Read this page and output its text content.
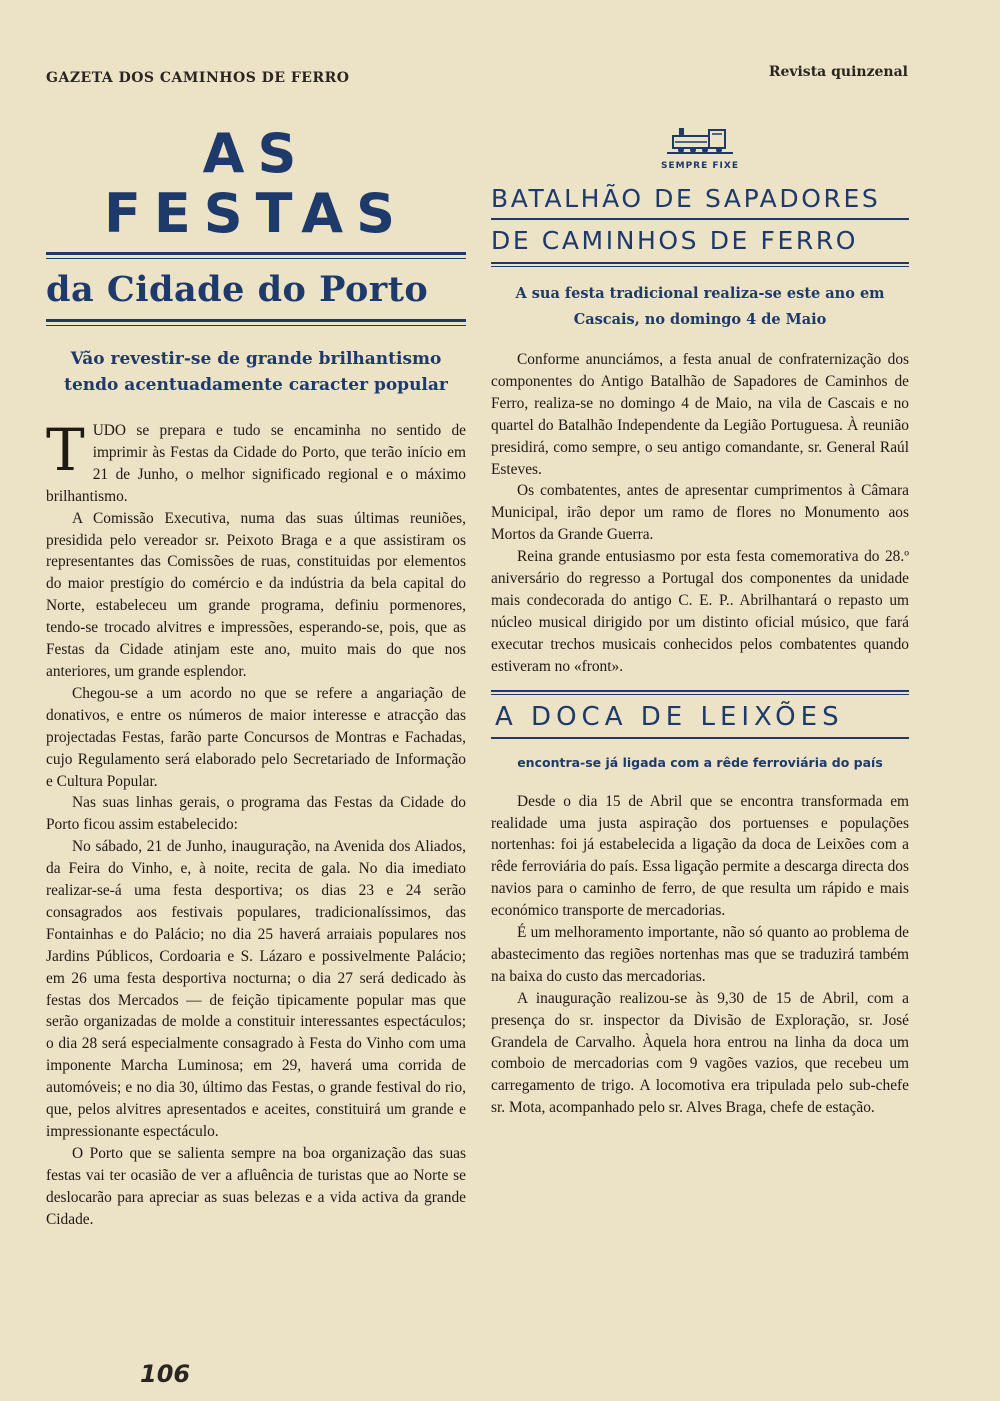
GAZETA DOS CAMINHOS DE FERRO	Revista quinzenal
AS FESTAS
da Cidade do Porto
Vão revestir-se de grande brilhantismo tendo acentuadamente caracter popular

TUDO se prepara e tudo se encaminha no sentido de imprimir às Festas da Cidade do Porto, que terão início em 21 de Junho, o melhor significado regional e o máximo brilhantismo.

A Comissão Executiva, numa das suas últimas reuniões, presidida pelo vereador sr. Peixoto Braga e a que assistiram os representantes das Comissões de ruas, constituidas por elementos do maior prestígio do comércio e da indústria da bela capital do Norte, estabeleceu um grande programa, definiu pormenores, tendo-se trocado alvitres e impressões, esperando-se, pois, que as Festas da Cidade atinjam este ano, muito mais do que nos anteriores, um grande esplendor.

Chegou-se a um acordo no que se refere a angariação de donativos, e entre os números de maior interesse e atracção das projectadas Festas, farão parte Concursos de Montras e Fachadas, cujo Regulamento será elaborado pelo Secretariado de Informação e Cultura Popular.

Nas suas linhas gerais, o programa das Festas da Cidade do Porto ficou assim estabelecido:

No sábado, 21 de Junho, inauguração, na Avenida dos Aliados, da Feira do Vinho, e, à noite, recita de gala. No dia imediato realizar-se-á uma festa desportiva; os dias 23 e 24 serão consagrados aos festivais populares, tradicionalíssimos, das Fontainhas e do Palácio; no dia 25 haverá arraiais populares nos Jardins Públicos, Cordoaria e S. Lázaro e possivelmente Palácio; em 26 uma festa desportiva nocturna; o dia 27 será dedicado às festas dos Mercados — de feição tipicamente popular mas que serão organizadas de molde a constituir interessantes espectáculos; o dia 28 será especialmente consagrado à Festa do Vinho com uma imponente Marcha Luminosa; em 29, haverá uma corrida de automóveis; e no dia 30, último das Festas, o grande festival do rio, que, pelos alvitres apresentados e aceites, constituirá um grande e impressionante espectáculo.

O Porto que se salienta sempre na boa organização das suas festas vai ter ocasião de ver a afluência de turistas que ao Norte se deslocarão para apreciar as suas belezas e a vida activa da grande Cidade.

106
SEMPRE FIXE
BATALHÃO DE SAPADORES
DE CAMINHOS DE FERRO
A sua festa tradicional realiza-se este ano em Cascais, no domingo 4 de Maio

Conforme anunciámos, a festa anual de confraternização dos componentes do Antigo Batalhão de Sapadores de Caminhos de Ferro, realiza-se no domingo 4 de Maio, na vila de Cascais e no quartel do Batalhão Independente da Legião Portuguesa. À reunião presidirá, como sempre, o seu antigo comandante, sr. General Raúl Esteves.

Os combatentes, antes de apresentar cumprimentos à Câmara Municipal, irão depor um ramo de flores no Monumento aos Mortos da Grande Guerra.

Reina grande entusiasmo por esta festa comemorativa do 28.º aniversário do regresso a Portugal dos componentes da unidade mais condecorada do antigo C. E. P.. Abrilhantará o repasto um núcleo musical dirigido por um distinto oficial músico, que fará executar trechos musicais conhecidos pelos combatentes quando estiveram no «front».

A DOCA DE LEIXÕES
encontra-se já ligada com a rêde ferroviária do país

Desde o dia 15 de Abril que se encontra transformada em realidade uma justa aspiração dos portuenses e populações nortenhas: foi já estabelecida a ligação da doca de Leixões com a rêde ferroviária do país. Essa ligação permite a descarga directa dos navios para o caminho de ferro, de que resulta um rápido e mais económico transporte de mercadorias.

É um melhoramento importante, não só quanto ao problema de abastecimento das regiões nortenhas mas que se traduzirá também na baixa do custo das mercadorias.

A inauguração realizou-se às 9,30 de 15 de Abril, com a presença do sr. inspector da Divisão de Exploração, sr. José Grandela de Carvalho. Àquela hora entrou na linha da doca um comboio de mercadorias com 9 vagões vazios, que recebeu um carregamento de trigo. A locomotiva era tripulada pelo sub-chefe sr. Mota, acompanhado pelo sr. Alves Braga, chefe de estação.
